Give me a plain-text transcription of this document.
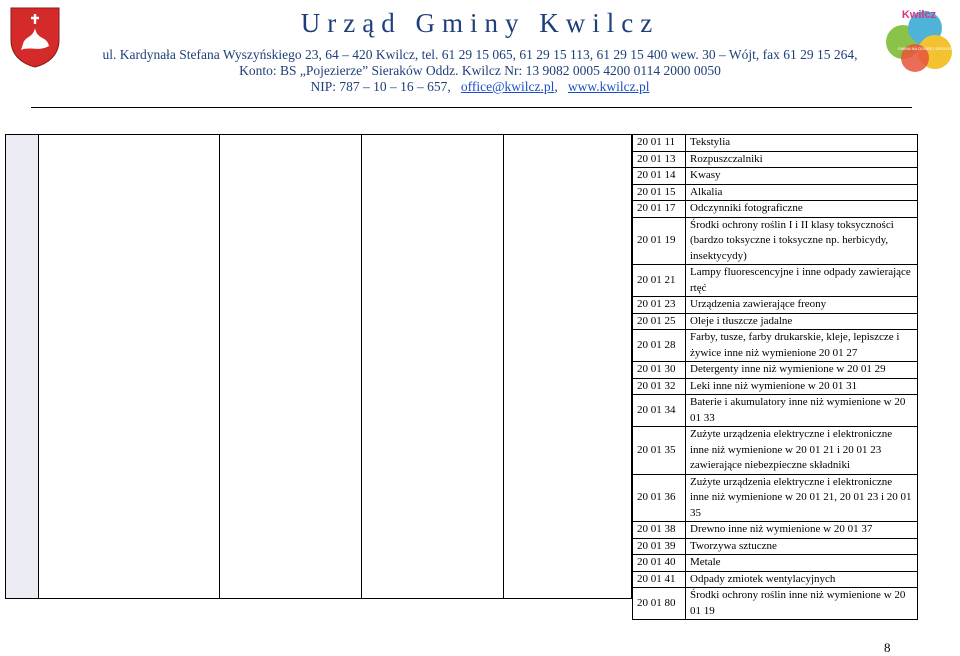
Urząd Gminy Kwilcz
ul. Kardynała Stefana Wyszyńskiego 23, 64 – 420 Kwilcz, tel. 61 29 15 065, 61 29 15 113, 61 29 15 400 wew. 30 – Wójt, fax 61 29 15 264,
Konto: BS „Pojezierze” Sieraków Oddz. Kwilcz Nr: 13 9082 0005 4200 0114 2000 0050
NIP: 787 – 10 – 16 – 657, office@kwilcz.pl, www.kwilcz.pl
Kwilcz
GMINA NA DOBREJ DRODZE
20 01 11	Tekstylia
20 01 13	Rozpuszczalniki
20 01 14	Kwasy
20 01 15	Alkalia
20 01 17	Odczynniki fotograficzne
20 01 19	Środki ochrony roślin I i II klasy toksyczności (bardzo toksyczne i toksyczne np. herbicydy, insektycydy)
20 01 21	Lampy fluorescencyjne i inne odpady zawierające rtęć
20 01 23	Urządzenia zawierające freony
20 01 25	Oleje i tłuszcze jadalne
20 01 28	Farby, tusze, farby drukarskie, kleje, lepiszcze i żywice inne niż wymienione 20 01 27
20 01 30	Detergenty inne niż wymienione w 20 01 29
20 01 32	Leki inne niż wymienione w 20 01 31
20 01 34	Baterie i akumulatory inne niż wymienione w 20 01 33
20 01 35	Zużyte urządzenia elektryczne i elektroniczne inne niż wymienione w 20 01 21 i 20 01 23 zawierające niebezpieczne składniki
20 01 36	Zużyte urządzenia elektryczne i elektroniczne inne niż wymienione w 20 01 21, 20 01 23 i 20 01 35
20 01 38	Drewno inne niż wymienione w 20 01 37
20 01 39	Tworzywa sztuczne
20 01 40	Metale
20 01 41	Odpady zmiotek wentylacyjnych
20 01 80	Środki ochrony roślin inne niż wymienione w 20 01 19
8
